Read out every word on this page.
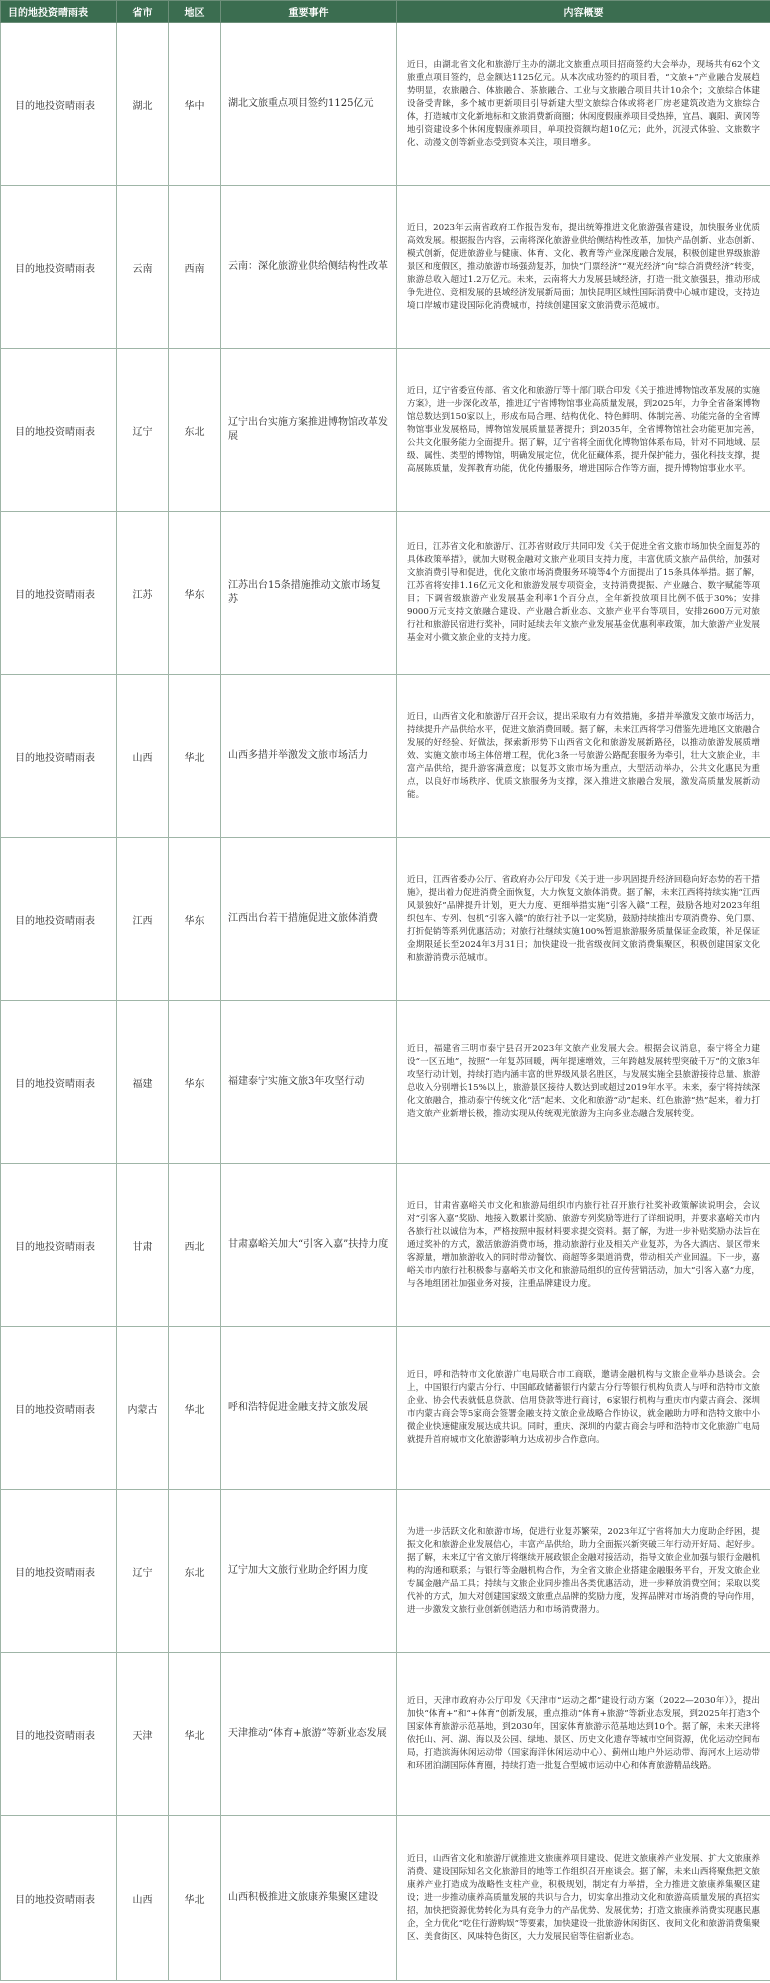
目的地投资晴雨表	省市	地区	重要事件	内容概要
目的地投资晴雨表	湖北	华中	湖北文旅重点项目签约1125亿元	近日，由湖北省文化和旅游厅主办的湖北文旅重点项目招商签约大会举办，现场共有62个文旅重点项目签约，总金额达1125亿元。从本次成功签约的项目看，“文旅+”产业融合发展趋势明显，农旅融合、体旅融合、茶旅融合、工业与文旅融合项目共计10余个；文旅综合体建设备受青睐，多个城市更新项目引导新建大型文旅综合体或将老厂房老建筑改造为文旅综合体，打造城市文化新地标和文旅消费新商圈；休闲度假康养项目受热捧，宜昌、襄阳、黄冈等地引资建设多个休闲度假康养项目，单项投资额均超10亿元；此外，沉浸式体验、文旅数字化、动漫文创等新业态受到资本关注，项目增多。

目的地投资晴雨表	云南	西南	云南：深化旅游业供给侧结构性改革	近日，2023年云南省政府工作报告发布，提出统筹推进文化旅游强省建设，加快服务业优质高效发展。根据报告内容，云南将深化旅游业供给侧结构性改革，加快产品创新、业态创新、模式创新，促进旅游业与健康、体育、文化、教育等产业深度融合发展，积极创建世界级旅游景区和度假区，推动旅游市场强劲复苏，加快“门票经济”“观光经济”向“综合消费经济”转变，旅游总收入超过1.2万亿元。未来，云南将大力发展县域经济，打造一批文旅强县，推动形成争先进位、竞相发展的县域经济发展新局面；加快昆明区域性国际消费中心城市建设，支持边境口岸城市建设国际化消费城市，持续创建国家文旅消费示范城市。

目的地投资晴雨表	辽宁	东北	辽宁出台实施方案推进博物馆改革发展	近日，辽宁省委宣传部、省文化和旅游厅等十部门联合印发《关于推进博物馆改革发展的实施方案》，进一步深化改革，推进辽宁省博物馆事业高质量发展，到2025年，力争全省备案博物馆总数达到150家以上，形成布局合理、结构优化、特色鲜明、体制完善、功能完备的全省博物馆事业发展格局，博物馆发展质量显著提升；到2035年，全省博物馆社会功能更加完善，公共文化服务能力全面提升。据了解，辽宁省将全面优化博物馆体系布局，针对不同地域、层级、属性、类型的博物馆，明确发展定位，优化征藏体系，提升保护能力，强化科技支撑，提高展陈质量，发挥教育功能，优化传播服务，增进国际合作等方面，提升博物馆事业水平。

目的地投资晴雨表	江苏	华东	江苏出台15条措施推动文旅市场复苏	近日，江苏省文化和旅游厅、江苏省财政厅共同印发《关于促进全省文旅市场加快全面复苏的具体政策举措》，就加大财税金融对文旅产业项目支持力度，丰富优质文旅产品供给，加强对文旅消费引导和促进，优化文旅市场消费服务环境等4个方面提出了15条具体举措。据了解，江苏省将安排1.16亿元文化和旅游发展专项资金，支持消费提振、产业融合、数字赋能等项目；下调省级旅游产业发展基金利率1个百分点，全年新投放项目比例不低于30%；安排9000万元支持文旅融合建设、产业融合新业态、文旅产业平台等项目，安排2600万元对旅行社和旅游民宿进行奖补，同时延续去年文旅产业发展基金优惠利率政策，加大旅游产业发展基金对小微文旅企业的支持力度。

目的地投资晴雨表	山西	华北	山西多措并举激发文旅市场活力	近日，山西省文化和旅游厅召开会议，提出采取有力有效措施，多措并举激发文旅市场活力，持续提升产品供给水平，促进文旅消费回暖。据了解，未来江西将学习借鉴先进地区文旅融合发展的好经验、好做法，探索新形势下山西省文化和旅游发展新路径，以推动旅游发展质增效、实施文旅市场主体倍增工程，优化3条一号旅游公路配套服务为牵引，壮大文旅企业，丰富产品供给，提升游客满意度；以复苏文旅市场为重点，大型活动举办，公共文化惠民为重点，以良好市场秩序、优质文旅服务为支撑，深入推进文旅融合发展，激发高质量发展新动能。

目的地投资晴雨表	江西	华东	江西出台若干措施促进文旅体消费	近日，江西省委办公厅、省政府办公厅印发《关于进一步巩固提升经济回稳向好态势的若干措施》，提出着力促进消费全面恢复，大力恢复文旅体消费。据了解，未来江西将持续实施“江西风景独好”品牌提升计划，更大力度、更细举措实施“引客入赣”工程，鼓励各地对2023年组织包车、专列、包机“引客入赣”的旅行社予以一定奖励，鼓励持续推出专项消费券、免门票、打折促销等系列优惠活动；对旅行社继续实施100%暂退旅游服务质量保证金政策，补足保证金期限延长至2024年3月31日；加快建设一批省级夜间文旅消费集聚区，积极创建国家文化和旅游消费示范城市。

目的地投资晴雨表	福建	华东	福建泰宁实施文旅3年攻坚行动	近日，福建省三明市泰宁县召开2023年文旅产业发展大会。根据会议消息，泰宁将全力建设“一区五地”，按照“一年复苏回暖，两年提速增效，三年跨越发展转型突破千万”的文旅3年攻坚行动计划，持续打造内涵丰富的世界级风景名胜区，与发展实施全县旅游接待总量、旅游总收入分别增长15%以上，旅游景区接待人数达到或超过2019年水平。未来，泰宁将持续深化文旅融合，推动泰宁传统文化“活”起来、文化和旅游“动”起来、红色旅游“热”起来，着力打造文旅产业新增长极，推动实现从传统观光旅游为主向多业态融合发展转变。

目的地投资晴雨表	甘肃	西北	甘肃嘉峪关加大“引客入嘉”扶持力度	近日，甘肃省嘉峪关市文化和旅游局组织市内旅行社召开旅行社奖补政策解读说明会，会议对“引客入嘉”奖励、地接入数累计奖励、旅游专列奖励等进行了详细说明，并要求嘉峪关市内各旅行社以诚信为本，严格按照申报材料要求提交资料。据了解，为进一步补贴奖励办法旨在通过奖补的方式，激活旅游消费市场，推动旅游行业及相关产业复苏，为各大酒店、景区带来客源量，增加旅游收入的同时带动餐饮、商超等多渠道消费，带动相关产业回温。下一步，嘉峪关市内旅行社积极参与嘉峪关市文化和旅游局组织的宣传营销活动，加大“引客入嘉”力度，与各地组团社加强业务对接，注重品牌建设力度。

目的地投资晴雨表	内蒙古	华北	呼和浩特促进金融支持文旅发展	近日，呼和浩特市文化旅游广电局联合市工商联，邀请金融机构与文旅企业举办恳谈会。会上，中国银行内蒙古分行、中国邮政储蓄银行内蒙古分行等银行机构负责人与呼和浩特市文旅企业、协会代表就低息贷款、信用贷款等进行商讨，6家银行机构与重庆市内蒙古商会、深圳市内蒙古商会等5家商会签署金融支持文旅企业战略合作协议，就金融助力呼和浩特文旅中小微企业快速健康发展达成共识。同时，重庆、深圳的内蒙古商会与呼和浩特市文化旅游广电局就提升首府城市文化旅游影响力达成初步合作意向。

目的地投资晴雨表	辽宁	东北	辽宁加大文旅行业助企纾困力度	为进一步活跃文化和旅游市场，促进行业复苏繁荣，2023年辽宁省将加大力度助企纾困，提振文化和旅游企业发展信心，丰富产品供给，助力全面振兴新突破三年行动开好局、起好步。据了解，未来辽宁省文旅厅将继续开展政银企金融对接活动，指导文旅企业加强与银行金融机构的沟通和联系；与银行等金融机构合作，为全省文旅企业搭建金融服务平台，开发文旅企业专属金融产品工具；持续与文旅企业同步推出各类优惠活动，进一步释放消费空间；采取以奖代补的方式，加大对创建国家级文旅重点品牌的奖励力度，发挥品牌对市场消费的导向作用，进一步激发文旅行业创新创造活力和市场消费潜力。

目的地投资晴雨表	天津	华北	天津推动“体育+旅游”等新业态发展	近日，天津市政府办公厅印发《天津市“运动之都”建设行动方案（2022—2030年）》，提出加快“体育+”和“+体育”创新发展，重点推动“体育+旅游”等新业态发展，到2025年打造3个国家体育旅游示范基地，到2030年，国家体育旅游示范基地达到10个。据了解，未来天津将依托山、河、湖、海以及公园、绿地、景区、历史文化遗存等城市空间资源，优化运动空间布局，打造滨海休闲运动带（国家海洋休闲运动中心）、蓟州山地户外运动带、海河水上运动带和环团泊湖国际体育圈，持续打造一批复合型城市运动中心和体育旅游精品线路。

目的地投资晴雨表	山西	华北	山西积极推进文旅康养集聚区建设	近日，山西省文化和旅游厅就推进文旅康养项目建设、促进文旅康养产业发展、扩大文旅康养消费、建设国际知名文化旅游目的地等工作组织召开座谈会。据了解，未来山西将聚焦把文旅康养产业打造成为战略性支柱产业，积极规划，制定有力举措，全力推进文旅康养集聚区建设；进一步推动康养高质量发展的共识与合力，切实拿出推动文化和旅游高质量发展的真招实招，加快把资源优势转化为具有竞争力的产品优势、发展优势；打造文旅康养消费实现惠民惠企，全力优化“吃住行游购娱”等要素，加快建设一批旅游休闲街区、夜间文化和旅游消费集聚区、美食街区、风味特色街区，大力发展民宿等住宿新业态。
